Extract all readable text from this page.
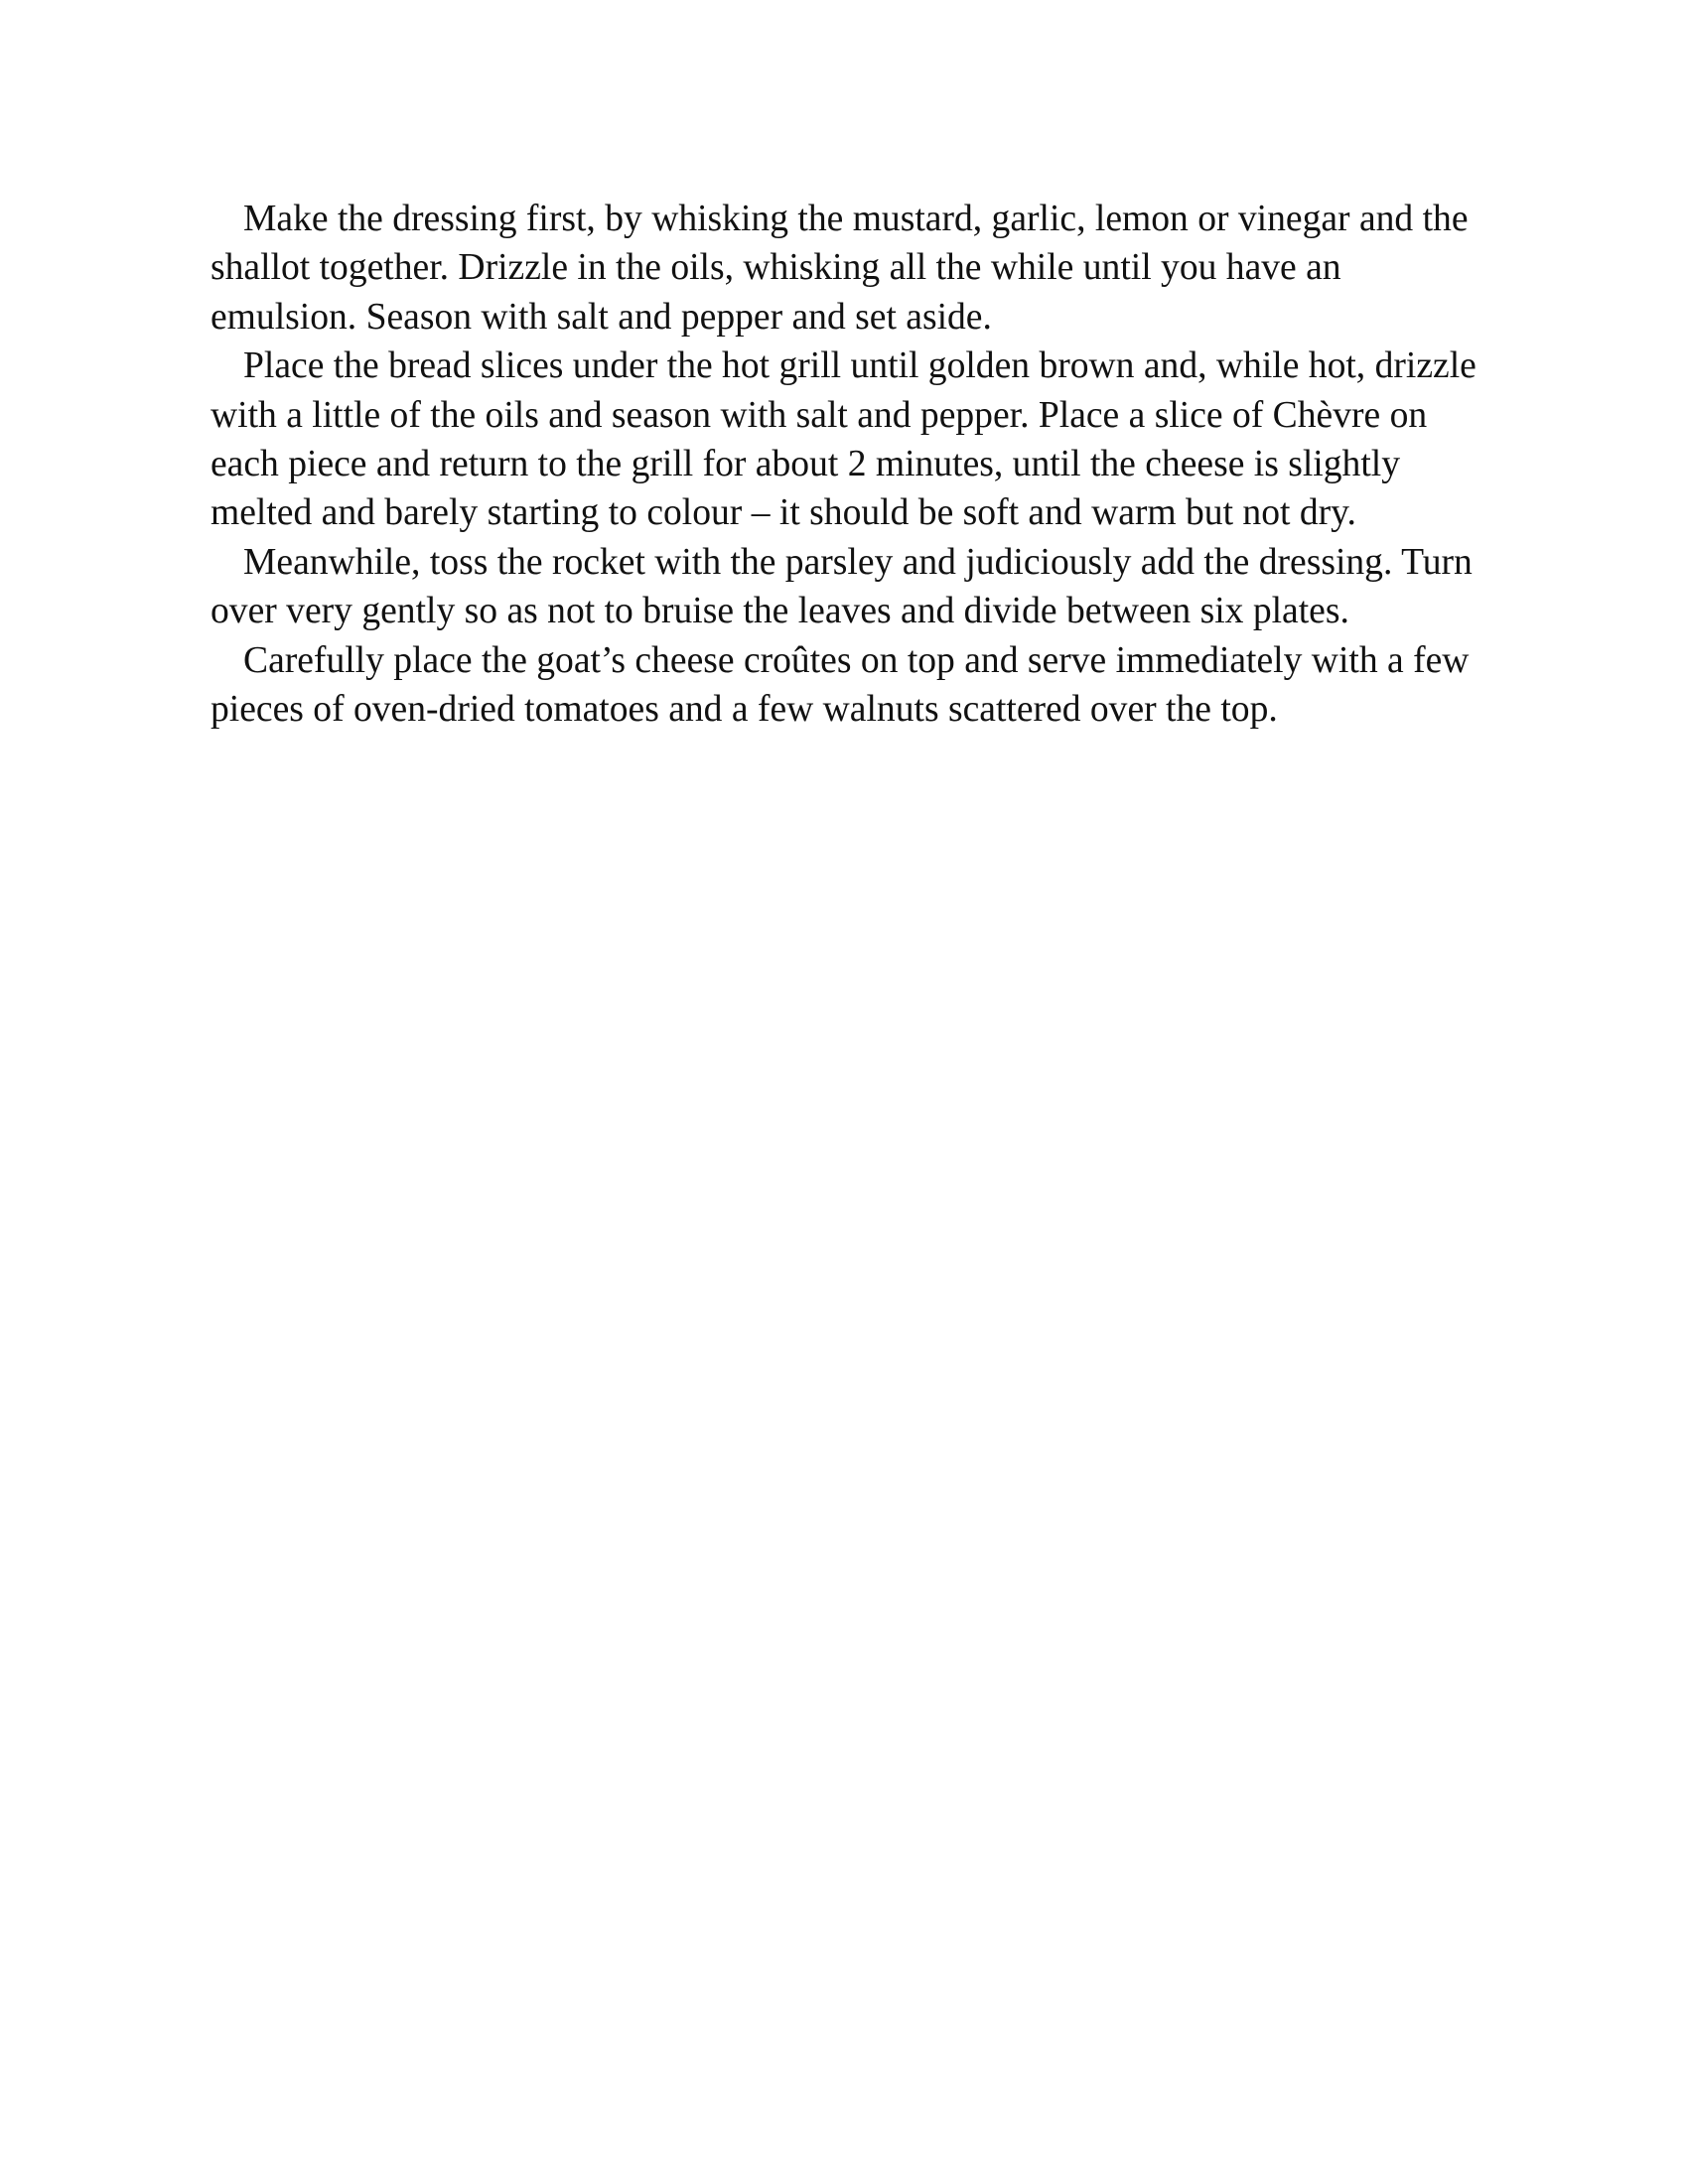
Make the dressing first, by whisking the mustard, garlic, lemon or vinegar and the shallot together. Drizzle in the oils, whisking all the while until you have an emulsion. Season with salt and pepper and set aside.

Place the bread slices under the hot grill until golden brown and, while hot, drizzle with a little of the oils and season with salt and pepper. Place a slice of Chèvre on each piece and return to the grill for about 2 minutes, until the cheese is slightly melted and barely starting to colour – it should be soft and warm but not dry.

Meanwhile, toss the rocket with the parsley and judiciously add the dressing. Turn over very gently so as not to bruise the leaves and divide between six plates.

Carefully place the goat’s cheese croûtes on top and serve immediately with a few pieces of oven-dried tomatoes and a few walnuts scattered over the top.
